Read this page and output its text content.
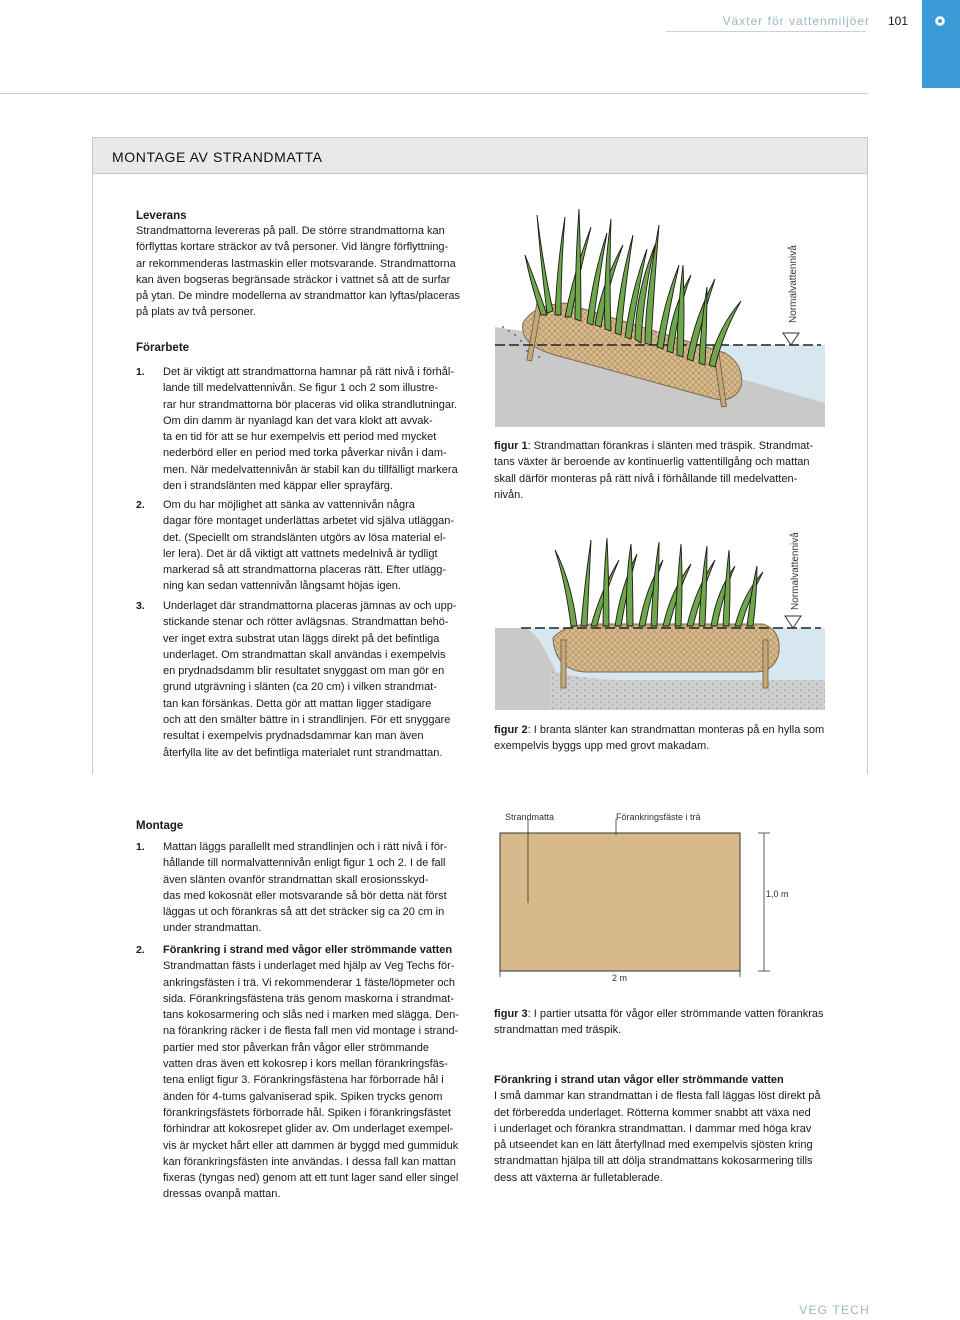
Växter för vattenmiljöer	101
MONTAGE AV STRANDMATTA
Leverans
Strandmattorna levereras på pall. De större strandmattorna kan
förflyttas kortare sträckor av två personer. Vid längre förflyttning-
ar rekommenderas lastmaskin eller motsvarande. Strandmattorna
kan även bogseras begränsade sträckor i vattnet så att de surfar
på ytan. De mindre modellerna av strandmattor kan lyftas/placeras
på plats av två personer.
Förarbete
1. Det är viktigt att strandmattorna hamnar på rätt nivå i förhål-
lande till medelvattennivån. Se figur 1 och 2 som illustre-
rar hur strandmattorna bör placeras vid olika strandlutningar.
Om din damm är nyanlagd kan det vara klokt att avvak-
ta en tid för att se hur exempelvis ett period med mycket
nederbörd eller en period med torka påverkar nivån i dam-
men. När medelvattennivån är stabil kan du tillfälligt markera
den i strandslänten med käppar eller sprayfärg.
2. Om du har möjlighet att sänka av vattennivån några
dagar före montaget underlättas arbetet vid själva utläggan-
det. (Speciellt om strandslänten utgörs av lösa material el-
ler lera). Det är då viktigt att vattnets medelnivå är tydligt
markerad så att strandmattorna placeras rätt. Efter utlägg-
ning kan sedan vattennivån långsamt höjas igen.
3. Underlaget där strandmattorna placeras jämnas av och upp-
stickande stenar och rötter avlägsnas. Strandmattan behö-
ver inget extra substrat utan läggs direkt på det befintliga
underlaget. Om strandmattan skall användas i exempelvis
en prydnadsdamm blir resultatet snyggast om man gör en
grund utgrävning i slänten (ca 20 cm) i vilken strandmat-
tan kan försänkas. Detta gör att mattan ligger stadigare
och att den smälter bättre in i strandlinjen. För ett snyggare
resultat i exempelvis prydnadsdammar kan man även
återfylla lite av det befintliga materialet runt strandmattan.
Normalvattennivå
figur 1: Strandmattan förankras i slänten med träspik. Strandmat-
tans växter är beroende av kontinuerlig vattentillgång och mattan
skall därför monteras på rätt nivå i förhållande till medelvatten-
nivån.
Normalvattennivå
figur 2: I branta slänter kan strandmattan monteras på en hylla som
exempelvis byggs upp med grovt makadam.
Montage
1. Mattan läggs parallellt med strandlinjen och i rätt nivå i för-
hållande till normalvattennivån enligt figur 1 och 2. I de fall
även slänten ovanför strandmattan skall erosionsskyd-
das med kokosnät eller motsvarande så bör detta nät först
läggas ut och förankras så att det sträcker sig ca 20 cm in
under strandmattan.
2. Förankring i strand med vågor eller strömmande vatten
Strandmattan fästs i underlaget med hjälp av Veg Techs för-
ankringsfästen i trä. Vi rekommenderar 1 fäste/löpmeter och
sida. Förankringsfästena träs genom maskorna i strandmat-
tans kokosarmering och slås ned i marken med slägga. Den-
na förankring räcker i de flesta fall men vid montage i strand-
partier med stor påverkan från vågor eller strömmande
vatten dras även ett kokosrep i kors mellan förankringsfäs-
tena enligt figur 3. Förankringsfästena har förborrade hål i
änden för 4-tums galvaniserad spik. Spiken trycks genom
förankringsfästets förborrade hål. Spiken i förankringsfästet
förhindrar att kokosrepet glider av. Om underlaget exempel-
vis är mycket hårt eller att dammen är byggd med gummiduk
kan förankringsfästen inte användas. I dessa fall kan mattan
fixeras (tyngas ned) genom att ett tunt lager sand eller singel
dressas ovanpå mattan.
Strandmatta	Förankringsfäste i trä
1,0 m
2 m
figur 3: I partier utsatta för vågor eller strömmande vatten förankras
strandmattan med träspik.
Förankring i strand utan vågor eller strömmande vatten
I små dammar kan strandmattan i de flesta fall läggas löst direkt på
det förberedda underlaget. Rötterna kommer snabbt att växa ned
i underlaget och förankra strandmattan. I dammar med höga krav
på utseendet kan en lätt återfyllnad med exempelvis sjösten kring
strandmattan hjälpa till att dölja strandmattans kokosarmering tills
dess att växterna är fulletablerade.
VEG TECH
